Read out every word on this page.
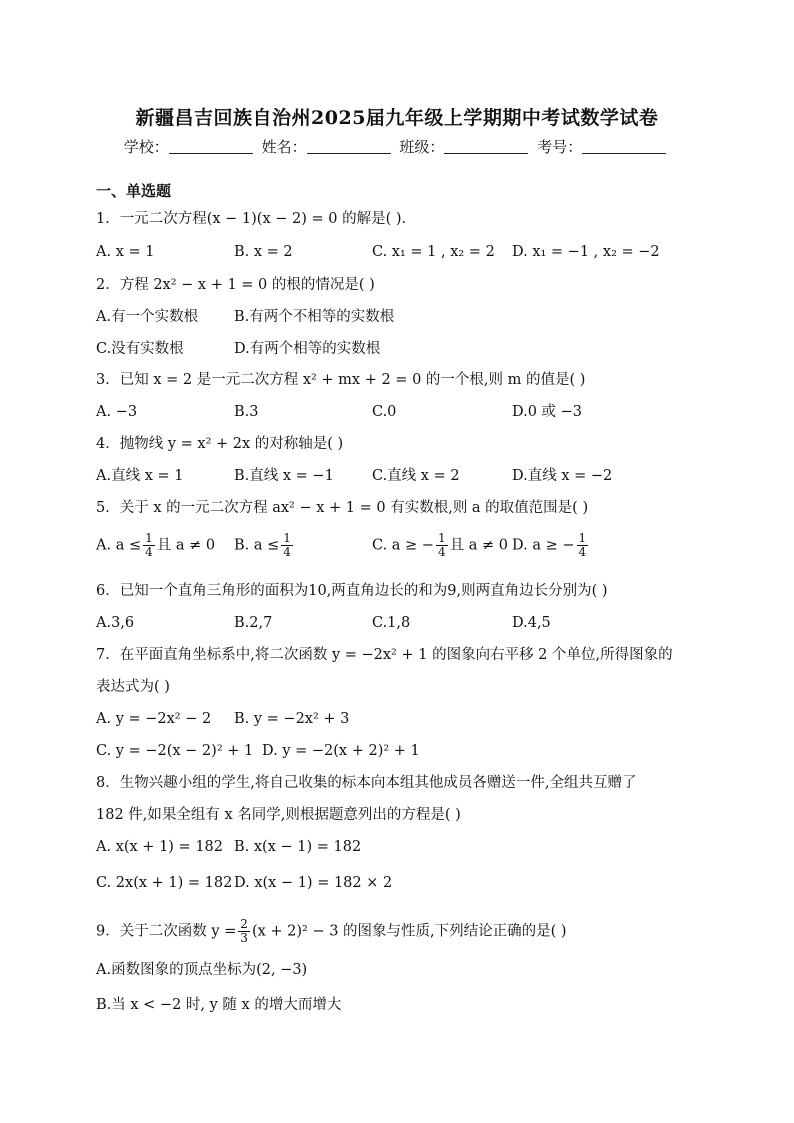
新疆昌吉回族自治州2025届九年级上学期期中考试数学试卷
学校：	姓名：	班级：	考号：
一、单选题
1．一元二次方程(x − 1)(x − 2) = 0 的解是( ).
A. x = 1	B. x = 2	C. x₁ = 1 , x₂ = 2 D. x₁ = −1 , x₂ = −2
2．方程 2x² − x + 1 = 0 的根的情况是( )
A.有一个实数根 B.有两个不相等的实数根
C.没有实数根	D.有两个相等的实数根
3．已知 x = 2 是一元二次方程 x² + mx + 2 = 0 的一个根,则 m 的值是( )
A. −3	B.3	C.0	D.0 或 −3
4．抛物线 y = x² + 2x 的对称轴是( )
A.直线 x = 1	B.直线 x = −1	C.直线 x = 2	D.直线 x = −2
5．关于 x 的一元二次方程 ax² − x + 1 = 0 有实数根,则 a 的取值范围是( )
A. $a \le \frac{1}{4}$ 且 a ≠ 0 B. $a \le \frac{1}{4}$	C. a ≥ − $\frac{1}{4}$ 且 a ≠ 0 D. a ≥ − $\frac{1}{4}$
6．已知一个直角三角形的面积为10,两直角边长的和为9,则两直角边长分别为( )
A.3,6	B.2,7	C.1,8	D.4,5
7．在平面直角坐标系中,将二次函数 y = −2x² + 1 的图象向右平移 2 个单位,所得图象的
表达式为( )
A. y = −2x² − 2 B. y = −2x² + 3
C. y = −2(x − 2)² + 1 D. y = −2(x + 2)² + 1
8．生物兴趣小组的学生,将自己收集的标本向本组其他成员各赠送一件,全组共互赠了
182 件,如果全组有 x 名同学,则根据题意列出的方程是( )
A. x(x + 1) = 182 B. x(x − 1) = 182
C. 2x(x + 1) = 182 D. x(x − 1) = 182 × 2
9．关于二次函数 $y = \frac{2}{3} (x + 2)^2 - 3$ 的图象与性质,下列结论正确的是( )
A.函数图象的顶点坐标为(2, −3)
B.当 x < −2 时, y 随 x 的增大而增大
